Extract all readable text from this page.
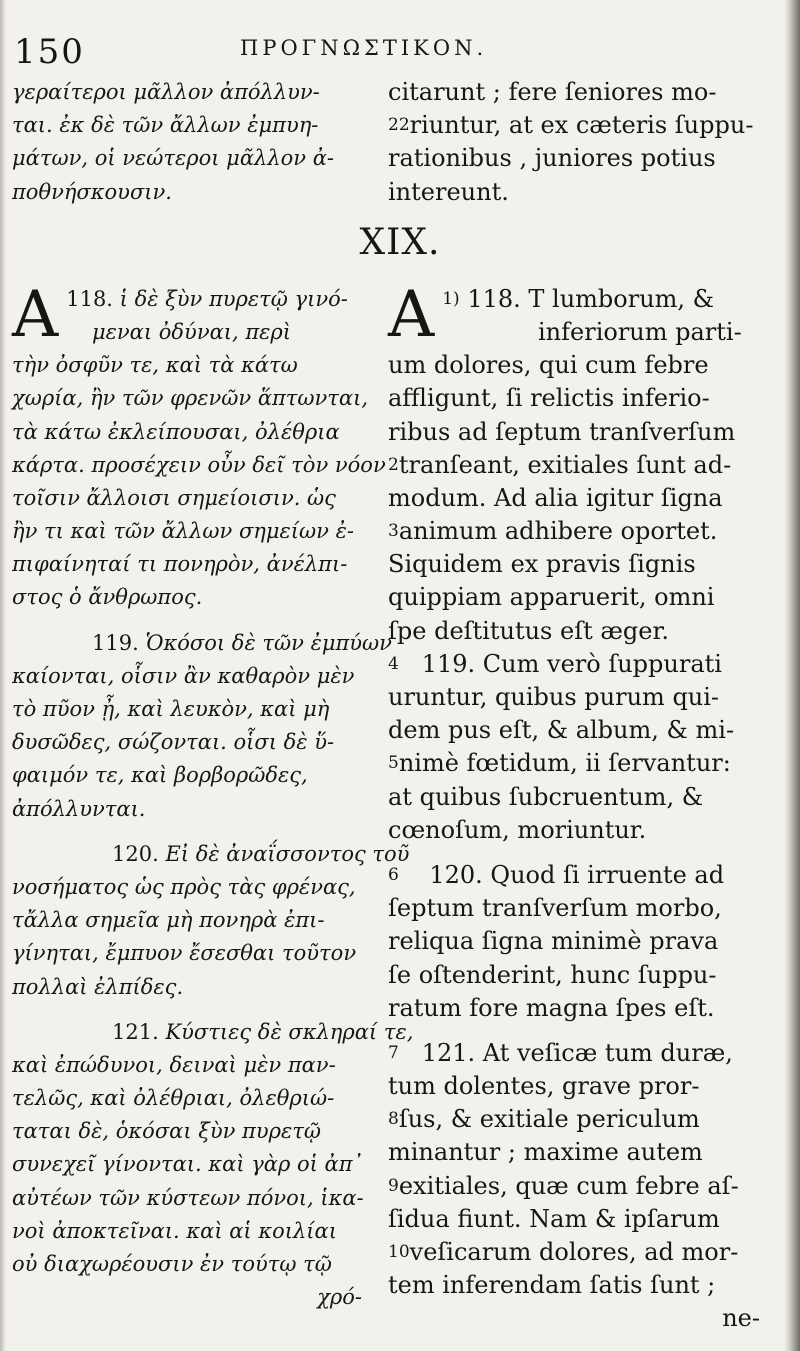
150	ΠΡΟΓΝΩΣΤΙΚΟΝ.
XIX.
γεραίτεροι μᾶλλον ἀπόλλυν-
ται. ἐκ δὲ τῶν ἄλλων ἐμπυη-
μάτων, οἱ νεώτεροι μᾶλλον ἀ-
ποθνήσκουσιν.
118.
A	ἱ δὲ ξὺν πυρετῷ γινό-
μεναι ὀδύναι, περὶ
τὴν ὀσφῦν τε, καὶ τὰ κάτω
χωρία, ἢν τῶν φρενῶν ἅπτωνται,
τὰ κάτω ἐκλείπουσαι, ὀλέθρια
κάρτα. προσέχειν οὖν δεῖ τὸν νόον
τοῖσιν ἄλλοισι σημείοισιν. ὡς
ἢν τι καὶ τῶν ἄλλων σημείων ἐ-
πιφαίνηταί τι πονηρὸν, ἀνέλπι-
στος ὁ ἄνθρωπος.
119. Ὁκόσοι δὲ τῶν ἐμπύων
καίονται, οἷσιν ἂν καθαρὸν μὲν
τὸ πῦον ᾖ, καὶ λευκὸν, καὶ μὴ
δυσῶδες, σώζονται. οἷσι δὲ ὕ-
φαιμόν τε, καὶ βορβορῶδες,
ἀπόλλυνται.
120. Εἰ δὲ ἀναΐσσοντος τοῦ
νοσήματος ὡς πρὸς τὰς φρένας,
τἄλλα σημεῖα μὴ πονηρὰ ἐπι-
γίνηται, ἔμπυον ἔσεσθαι τοῦτον
πολλαὶ ἐλπίδες.
121. Κύστιες δὲ σκληραί τε,
καὶ ἐπώδυνοι, δειναὶ μὲν παν-
τελῶς, καὶ ὀλέθριαι, ὀλεθριώ-
ταται δὲ, ὁκόσαι ξὺν πυρετῷ
συνεχεῖ γίνονται. καὶ γὰρ οἱ ἀπ᾽
αὐτέων τῶν κύστεων πόνοι, ἱκα-
νοὶ ἀποκτεῖναι. καὶ αἱ κοιλίαι
οὐ διαχωρέουσιν ἐν τούτῳ τῷ
χρό-
citarunt ; fere ſeniores mo-
$^{22}$riuntur, at ex cæteris ſuppu-
rationibus , juniores potius
intereunt.
$^{1)}$ 118.
A	T lumborum, &
inferiorum parti-
um dolores, qui cum febre
affligunt, ſi relictis inferio-
ribus ad ſeptum tranſverſum
$^2$tranſeant, exitiales ſunt ad-
modum. Ad alia igitur ſigna
$^3$animum adhibere oportet.
Siquidem ex pravis ſignis
quippiam apparuerit, omni
ſpe deſtitutus eſt æger.
$^4$ 119. Cum verò ſuppurati
uruntur, quibus purum qui-
dem pus eſt, & album, & mi-
$^5$nimè fœtidum, ii ſervantur:
at quibus ſubcruentum, &
cœnoſum, moriuntur.
$^6$ 120. Quod ſi irruente ad
ſeptum tranſverſum morbo,
reliqua ſigna minimè prava
ſe oſtenderint, hunc ſuppu-
ratum fore magna ſpes eſt.
$^7$ 121. At veſicæ tum duræ,
tum dolentes, grave pror-
$^8$ſus, & exitiale periculum
minantur ; maxime autem
$^9$exitiales, quæ cum febre aſ-
ſidua fiunt. Nam & ipſarum
$^{10}$veſicarum dolores, ad mor-
tem inferendam ſatis ſunt ;
ne-
